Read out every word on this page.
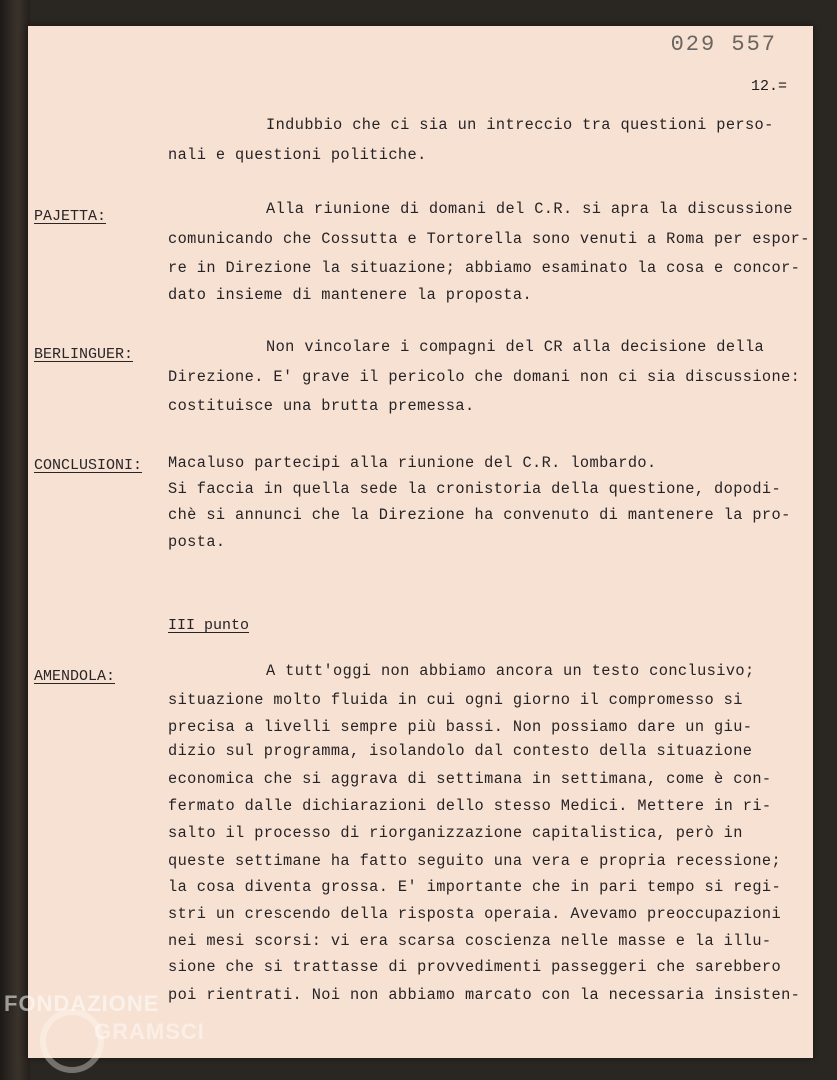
029 557
12.=
Indubbio che ci sia un intreccio tra questioni perso-
nali e questioni politiche.
PAJETTA:	Alla riunione di domani del C.R. si apra la discussione
comunicando che Cossutta e Tortorella sono venuti a Roma per espor-
re in Direzione la situazione; abbiamo esaminato la cosa e concor-
dato insieme di mantenere la proposta.
BERLINGUER:	Non vincolare i compagni del CR alla decisione della
Direzione. E' grave il pericolo che domani non ci sia discussione:
costituisce una brutta premessa.
CONCLUSIONI: Macaluso partecipi alla riunione del C.R. lombardo.
Si faccia in quella sede la cronistoria della questione, dopodi-
chè si annunci che la Direzione ha convenuto di mantenere la pro-
posta.
III punto
AMENDOLA:	A tutt'oggi non abbiamo ancora un testo conclusivo;
situazione molto fluida in cui ogni giorno il compromesso si
precisa a livelli sempre più bassi. Non possiamo dare un giu-
dizio sul programma, isolandolo dal contesto della situazione
economica che si aggrava di settimana in settimana, come è con-
fermato dalle dichiarazioni dello stesso Medici. Mettere in ri-
salto il processo di riorganizzazione capitalistica, però in
queste settimane ha fatto seguito una vera e propria recessione;
la cosa diventa grossa. E' importante che in pari tempo si regi-
stri un crescendo della risposta operaia. Avevamo preoccupazioni
nei mesi scorsi: vi era scarsa coscienza nelle masse e la illu-
sione che si trattasse di provvedimenti passeggeri che sarebbero
poi rientrati. Noi non abbiamo marcato con la necessaria insisten-
FONDAZIONE
GRAMSCI
